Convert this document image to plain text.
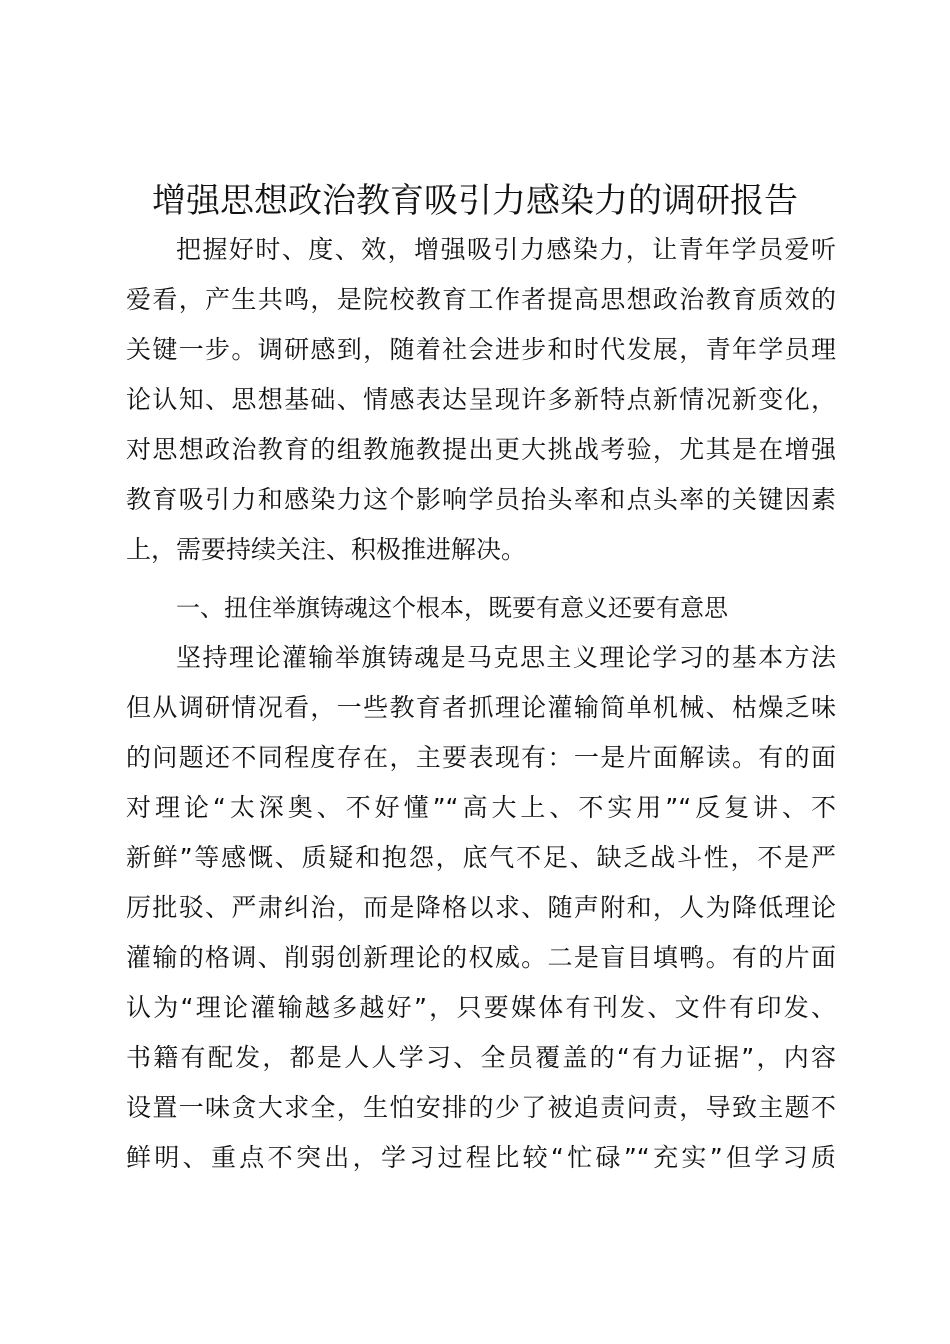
增强思想政治教育吸引力感染力的调研报告
把握好时、度、效，增强吸引力感染力，让青年学员爱听
爱看，产生共鸣，是院校教育工作者提高思想政治教育质效的
关键一步。调研感到，随着社会进步和时代发展，青年学员理
论认知、思想基础、情感表达呈现许多新特点新情况新变化，
对思想政治教育的组教施教提出更大挑战考验，尤其是在增强
教育吸引力和感染力这个影响学员抬头率和点头率的关键因素
上，需要持续关注、积极推进解决。
一、扭住举旗铸魂这个根本，既要有意义还要有意思
坚持理论灌输举旗铸魂是马克思主义理论学习的基本方法
但从调研情况看，一些教育者抓理论灌输简单机械、枯燥乏味
的问题还不同程度存在，主要表现有：一是片面解读。有的面
对理论“太深奥、不好懂”“高大上、不实用”“反复讲、不
新鲜”等感慨、质疑和抱怨，底气不足、缺乏战斗性，不是严
厉批驳、严肃纠治，而是降格以求、随声附和，人为降低理论
灌输的格调、削弱创新理论的权威。二是盲目填鸭。有的片面
认为“理论灌输越多越好”，只要媒体有刊发、文件有印发、
书籍有配发，都是人人学习、全员覆盖的“有力证据”，内容
设置一味贪大求全，生怕安排的少了被追责问责，导致主题不
鲜明、重点不突出，学习过程比较“忙碌”“充实”但学习质
